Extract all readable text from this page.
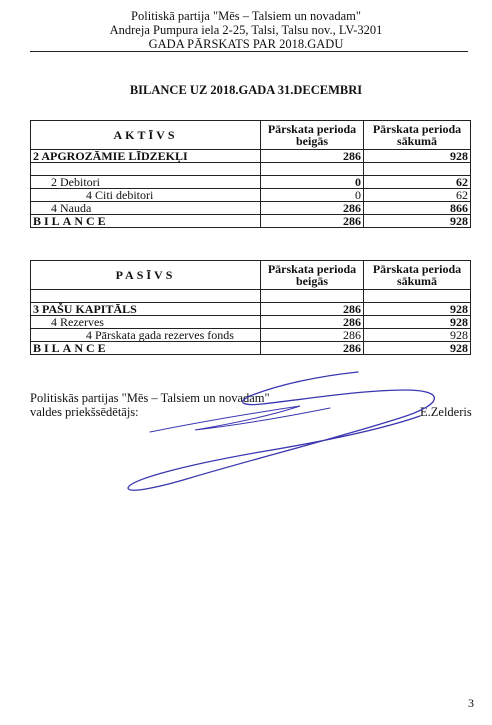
Politiskā partija "Mēs – Talsiem un novadam"
Andreja Pumpura iela 2-25, Talsi, Talsu nov., LV-3201
GADA PĀRSKATS PAR 2018.GADU
BILANCE UZ 2018.GADA 31.DECEMBRI
AKTĪVS	Pārskata perioda beigās	Pārskata perioda sākumā
2 APGROZĀMIE LĪDZEKĻI	286	928

2 Debitori	0	62
4 Citi debitori	0	62
4 Nauda	286	866
BILANCE	286	928
PASĪVS	Pārskata perioda beigās	Pārskata perioda sākumā

3 PAŠU KAPITĀLS	286	928
4 Rezerves	286	928
4 Pārskata gada rezerves fonds	286	928
BILANCE	286	928
Politiskās partijas "Mēs – Talsiem un novadam"
valdes priekšsēdētājs:	E.Zelderis
3
